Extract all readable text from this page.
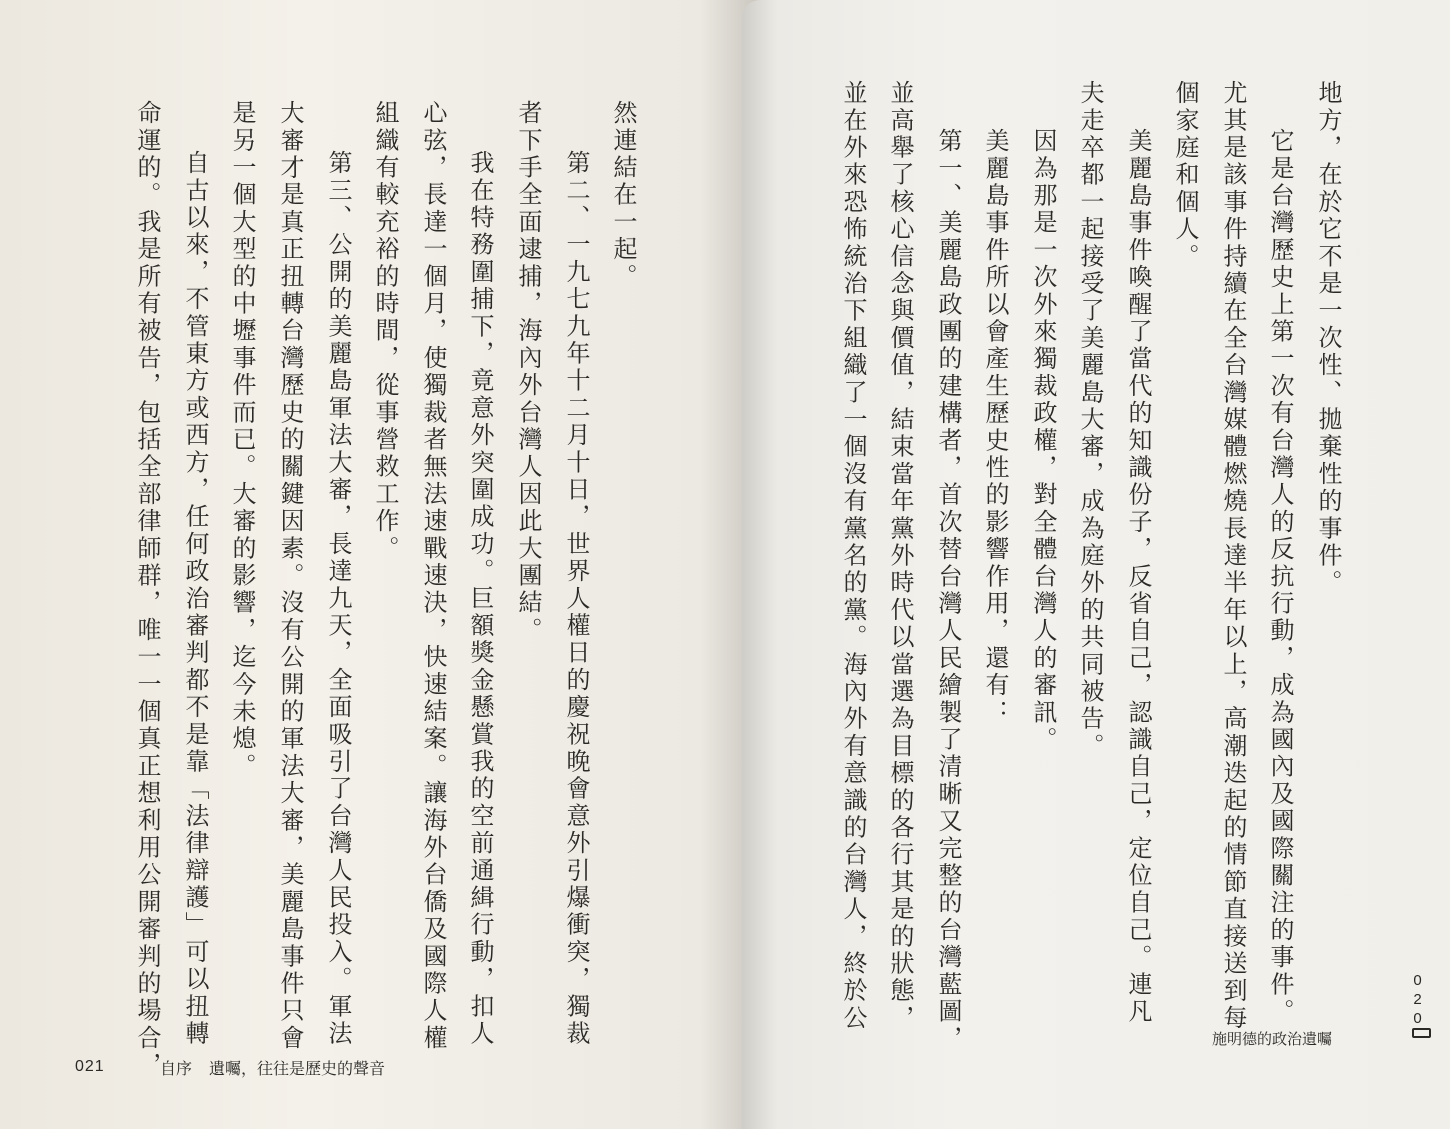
然連結在一起。
第二、一九七九年十二月十日，世界人權日的慶祝晚會意外引爆衝突，獨裁
者下手全面逮捕，海內外台灣人因此大團結。
我在特務圍捕下，竟意外突圍成功。巨額獎金懸賞我的空前通緝行動，扣人
心弦，長達一個月，使獨裁者無法速戰速決，快速結案。讓海外台僑及國際人權
組織有較充裕的時間，從事營救工作。
第三、公開的美麗島軍法大審，長達九天，全面吸引了台灣人民投入。軍法
大審才是真正扭轉台灣歷史的關鍵因素。沒有公開的軍法大審，美麗島事件只會
是另一個大型的中壢事件而已。大審的影響，迄今未熄。
自古以來，不管東方或西方，任何政治審判都不是靠「法律辯護」可以扭轉
命運的。我是所有被告，包括全部律師群，唯一一個真正想利用公開審判的場合，
021	自序 遺囑，往往是歷史的聲音
地方，在於它不是一次性、拋棄性的事件。
它是台灣歷史上第一次有台灣人的反抗行動，成為國內及國際關注的事件。
尤其是該事件持續在全台灣媒體燃燒長達半年以上，高潮迭起的情節直接送到每
個家庭和個人。
美麗島事件喚醒了當代的知識份子，反省自己，認識自己，定位自己。連凡
夫走卒都一起接受了美麗島大審，成為庭外的共同被告。
因為那是一次外來獨裁政權，對全體台灣人的審訊。
美麗島事件所以會產生歷史性的影響作用，還有：
第一、美麗島政團的建構者，首次替台灣人民繪製了清晰又完整的台灣藍圖，
並高舉了核心信念與價值，結束當年黨外時代以當選為目標的各行其是的狀態，
並在外來恐怖統治下組織了一個沒有黨名的黨。海內外有意識的台灣人，終於公
施明德的政治遺囑
020
